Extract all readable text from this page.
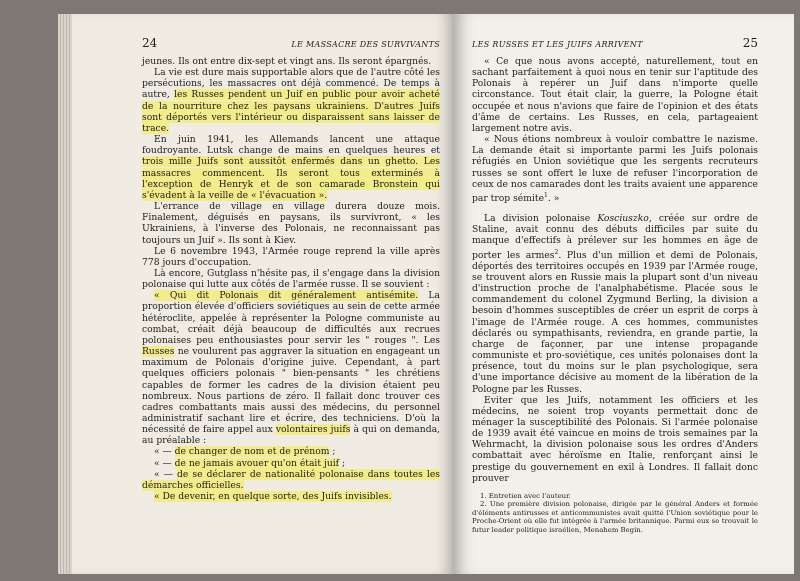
24	LE MASSACRE DES SURVIVANTS

jeunes. Ils ont entre dix-sept et vingt ans. Ils seront épargnés.

La vie est dure mais supportable alors que de l'autre côté les persécutions, les massacres ont déjà commencé. De temps à autre, les Russes pendent un Juif en public pour avoir acheté de la nourriture chez les paysans ukrainiens. D'autres Juifs sont déportés vers l'intérieur ou disparaissent sans laisser de trace.

En juin 1941, les Allemands lancent une attaque foudroyante. Lutsk change de mains en quelques heures et trois mille Juifs sont aussitôt enfermés dans un ghetto. Les massacres commencent. Ils seront tous exterminés à l'exception de Henryk et de son camarade Bronstein qui s'évadent à la veille de « l'évacuation ».

L'errance de village en village durera douze mois. Finalement, déguisés en paysans, ils survivront, « les Ukrainiens, à l'inverse des Polonais, ne reconnaissant pas toujours un Juif ». Ils sont à Kiev.

Le 6 novembre 1943, l'Armée rouge reprend la ville après 778 jours d'occupation.

Là encore, Gutglass n'hésite pas, il s'engage dans la division polonaise qui lutte aux côtés de l'armée russe. Il se souvient :

« Qui dit Polonais dit généralement antisémite. La proportion élevée d'officiers soviétiques au sein de cette armée hétéroclite, appelée à représenter la Pologne communiste au combat, créait déjà beaucoup de difficultés aux recrues polonaises peu enthousiastes pour servir les " rouges ". Les Russes ne voulurent pas aggraver la situation en engageant un maximum de Polonais d'origine juive. Cependant, à part quelques officiers polonais " bien-pensants " les chrétiens capables de former les cadres de la division étaient peu nombreux. Nous partions de zéro. Il fallait donc trouver ces cadres combattants mais aussi des médecins, du personnel administratif sachant lire et écrire, des techniciens. D'où la nécessité de faire appel aux volontaires juifs à qui on demanda, au préalable :

« — de changer de nom et de prénom ;

« — de ne jamais avouer qu'on était juif ;

« — de se déclarer de nationalité polonaise dans toutes les démarches officielles.

« De devenir, en quelque sorte, des Juifs invisibles.

LES RUSSES ET LES JUIFS ARRIVENT	25

« Ce que nous avons accepté, naturellement, tout en sachant parfaitement à quoi nous en tenir sur l'aptitude des Polonais à repérer un Juif dans n'importe quelle circonstance. Tout était clair, la guerre, la Pologne était occupée et nous n'avions que faire de l'opinion et des états d'âme de certains. Les Russes, en cela, partageaient largement notre avis.

« Nous étions nombreux à vouloir combattre le nazisme. La demande était si importante parmi les Juifs polonais réfugiés en Union soviétique que les sergents recruteurs russes se sont offert le luxe de refuser l'incorporation de ceux de nos camarades dont les traits avaient une apparence par trop sémite$^1$. »

La division polonaise Kosciuszko, créée sur ordre de Staline, avait connu des débuts difficiles par suite du manque d'effectifs à prélever sur les hommes en âge de porter les armes$^2$. Plus d'un million et demi de Polonais, déportés des territoires occupés en 1939 par l'Armée rouge, se trouvent alors en Russie mais la plupart sont d'un niveau d'instruction proche de l'analphabétisme. Placée sous le commandement du colonel Zygmund Berling, la division a besoin d'hommes susceptibles de créer un esprit de corps à l'image de l'Armée rouge. A ces hommes, communistes déclarés ou sympathisants, reviendra, en grande partie, la charge de façonner, par une intense propagande communiste et pro-soviétique, ces unités polonaises dont la présence, tout du moins sur le plan psychologique, sera d'une importance décisive au moment de la libération de la Pologne par les Russes.

Eviter que les Juifs, notamment les officiers et les médecins, ne soient trop voyants permettait donc de ménager la susceptibilité des Polonais. Si l'armée polonaise de 1939 avait été vaincue en moins de trois semaines par la Wehrmacht, la division polonaise sous les ordres d'Anders combattait avec héroïsme en Italie, renforçant ainsi le prestige du gouvernement en exil à Londres. Il fallait donc prouver

1. Entretien avec l'auteur.

2. Une première division polonaise, dirigée par le général Anders et formée d'éléments antirusses et anticommunistes avait quitté l'Union soviétique pour le Proche-Orient où elle fut intégrée à l'armée britannique. Parmi eux se trouvait le futur leader politique israélien, Menahem Begin.
